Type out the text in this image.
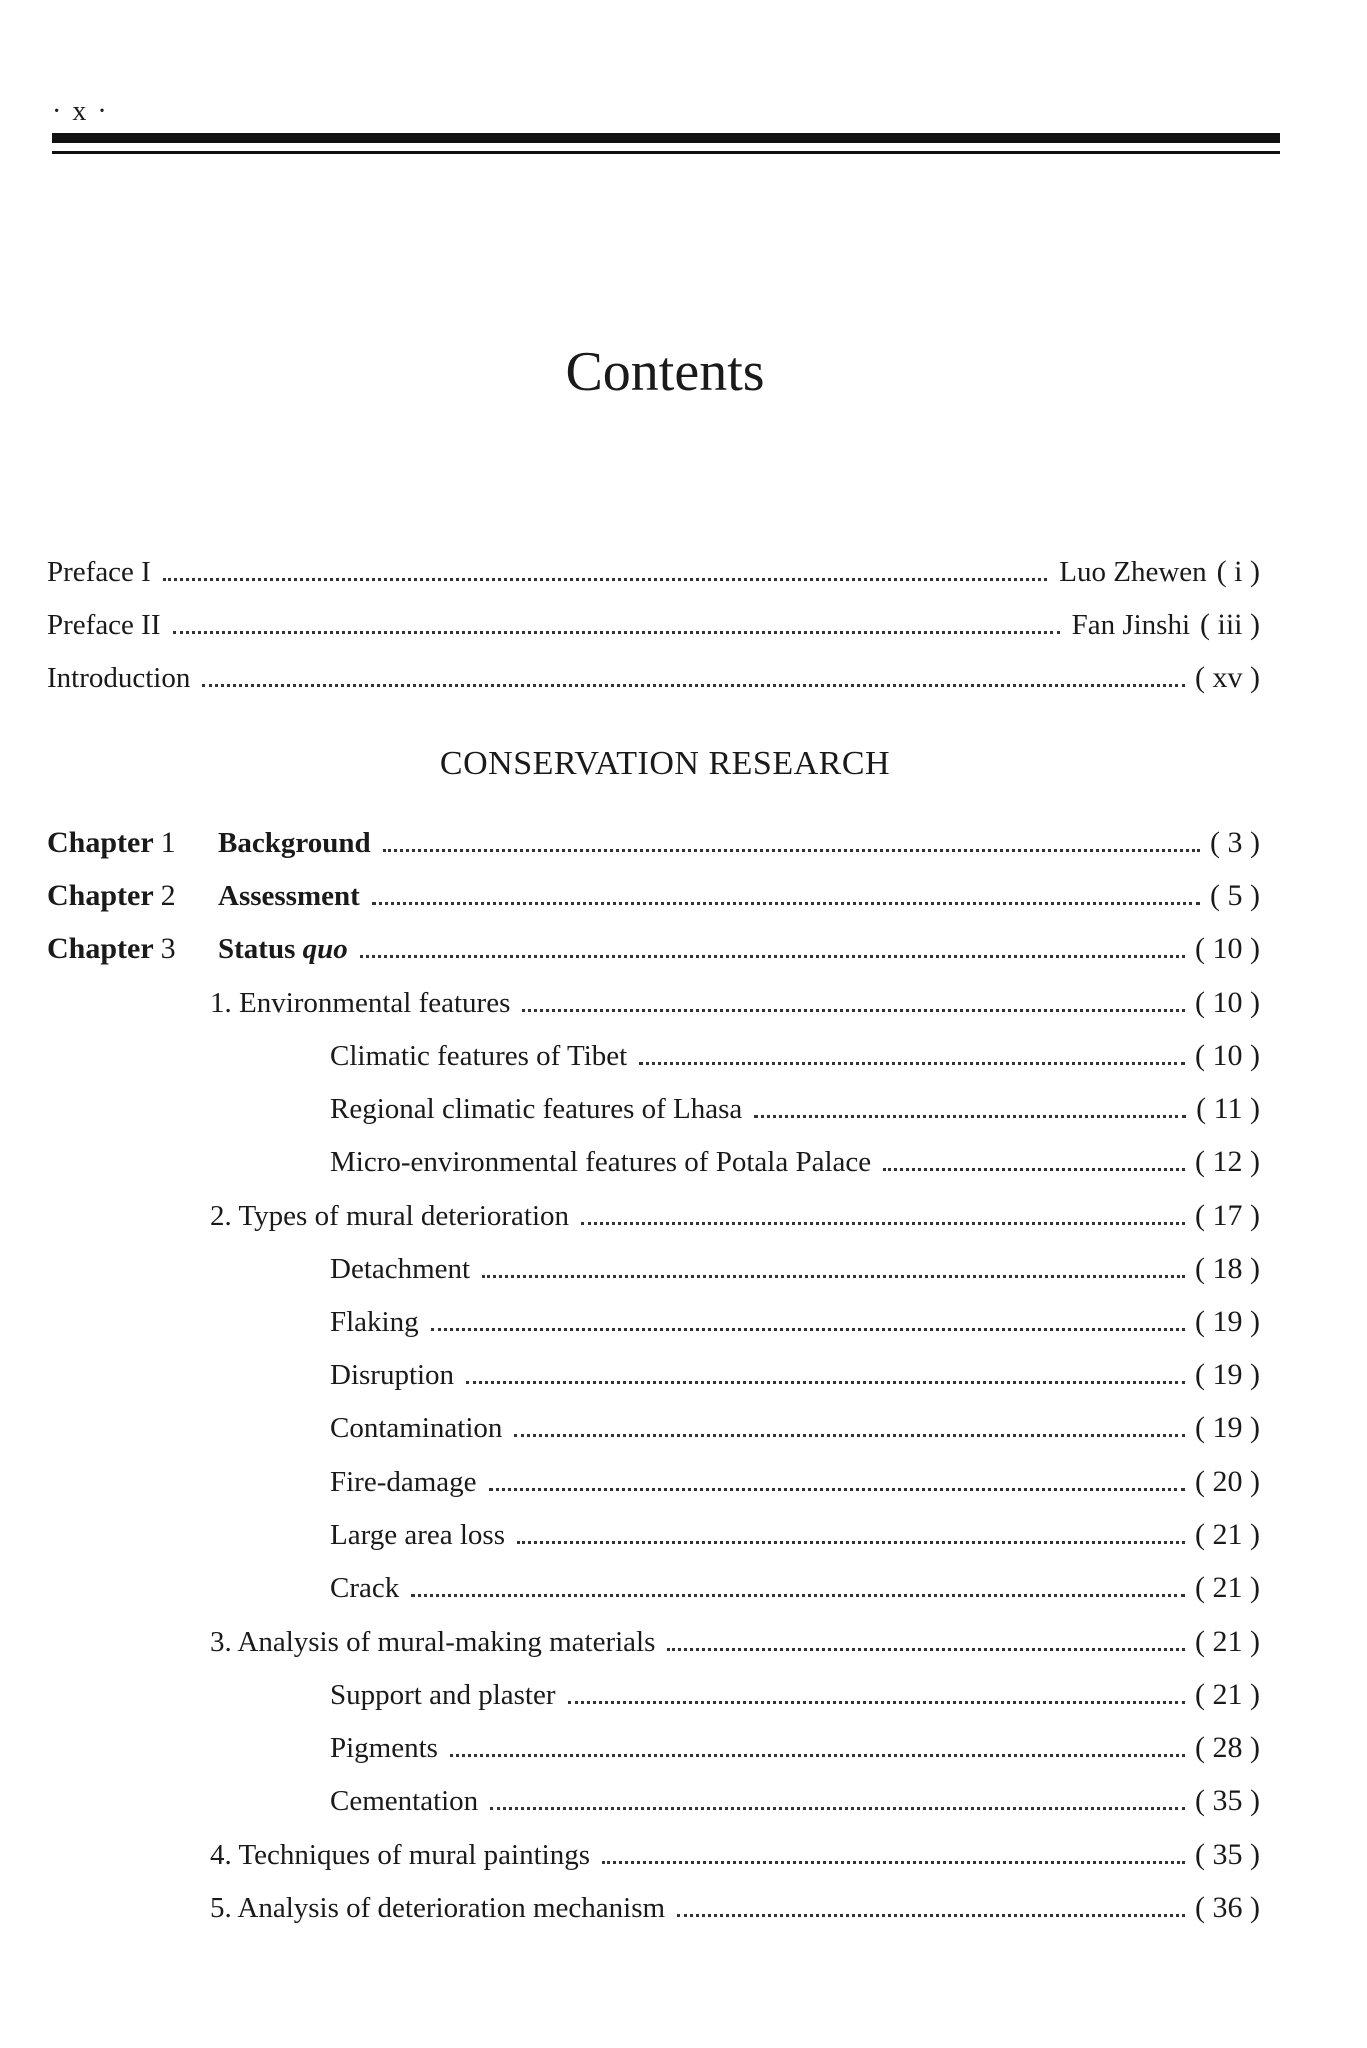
· x ·
Contents
Preface I	Luo Zhewen ( i )
Preface II	Fan Jinshi ( iii )
Introduction	( xv )
CONSERVATION RESEARCH
Chapter 1 Background	( 3 )
Chapter 2 Assessment	( 5 )
Chapter 3 Status quo	( 10 )
1. Environmental features	( 10 )
Climatic features of Tibet	( 10 )
Regional climatic features of Lhasa	( 11 )
Micro-environmental features of Potala Palace	( 12 )
2. Types of mural deterioration	( 17 )
Detachment	( 18 )
Flaking	( 19 )
Disruption	( 19 )
Contamination	( 19 )
Fire-damage	( 20 )
Large area loss	( 21 )
Crack	( 21 )
3. Analysis of mural-making materials	( 21 )
Support and plaster	( 21 )
Pigments	( 28 )
Cementation	( 35 )
4. Techniques of mural paintings	( 35 )
5. Analysis of deterioration mechanism	( 36 )
